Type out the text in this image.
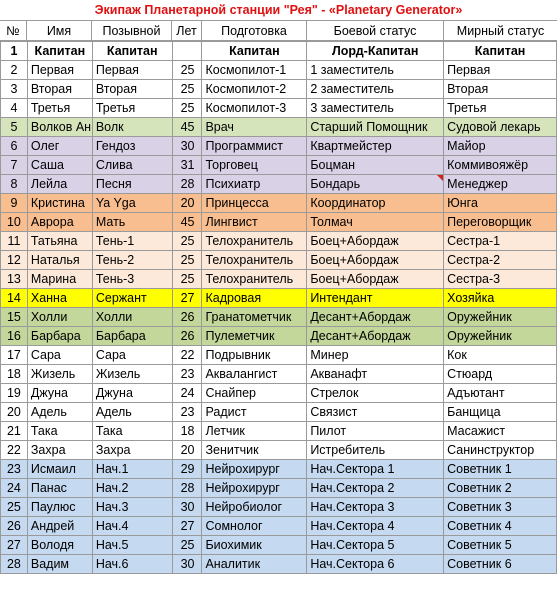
Экипаж Планетарной станции "Рея" - «Planetary Generator»
№	Имя	Позывной	Лет	Подготовка	Боевой статус	Мирный статус
1	Капитан	Капитан		Капитан	Лорд-Капитан	Капитан
2	Первая	Первая	25	Космопилот-1	1 заместитель	Первая
3	Вторая	Вторая	25	Космопилот-2	2 заместитель	Вторая
4	Третья	Третья	25	Космопилот-3	3 заместитель	Третья
5	Волков Ан	Волк	45	Врач	Старший Помощник	Судовой лекарь
6	Олег	Гендоз	30	Программист	Квартмейстер	Майор
7	Саша	Слива	31	Торговец	Боцман	Коммивояжёр
8	Лейла	Песня	28	Психиатр	Бондарь	Менеджер
9	Кристина	Ya Yga	20	Принцесса	Координатор	Юнга
10	Аврора	Мать	45	Лингвист	Толмач	Переговорщик
11	Татьяна	Тень-1	25	Телохранитель	Боец+Абордаж	Сестра-1
12	Наталья	Тень-2	25	Телохранитель	Боец+Абордаж	Сестра-2
13	Марина	Тень-3	25	Телохранитель	Боец+Абордаж	Сестра-3
14	Ханна	Сержант	27	Кадровая	Интендант	Хозяйка
15	Холли	Холли	26	Гранатометчик	Десант+Абордаж	Оружейник
16	Барбара	Барбара	26	Пулеметчик	Десант+Абордаж	Оружейник
17	Сара	Сара	22	Подрывник	Минер	Кок
18	Жизель	Жизель	23	Аквалангист	Акванафт	Стюард
19	Джуна	Джуна	24	Снайпер	Стрелок	Адъютант
20	Адель	Адель	23	Радист	Связист	Банщица
21	Така	Така	18	Летчик	Пилот	Масажист
22	Захра	Захра	20	Зенитчик	Истребитель	Санинструктор
23	Исмаил	Нач.1	29	Нейрохирург	Нач.Сектора 1	Советник 1
24	Панас	Нач.2	28	Нейрохирург	Нач.Сектора 2	Советник 2
25	Паулюс	Нач.3	30	Нейробиолог	Нач.Сектора 3	Советник 3
26	Андрей	Нач.4	27	Сомнолог	Нач.Сектора 4	Советник 4
27	Володя	Нач.5	25	Биохимик	Нач.Сектора 5	Советник 5
28	Вадим	Нач.6	30	Аналитик	Нач.Сектора 6	Советник 6
